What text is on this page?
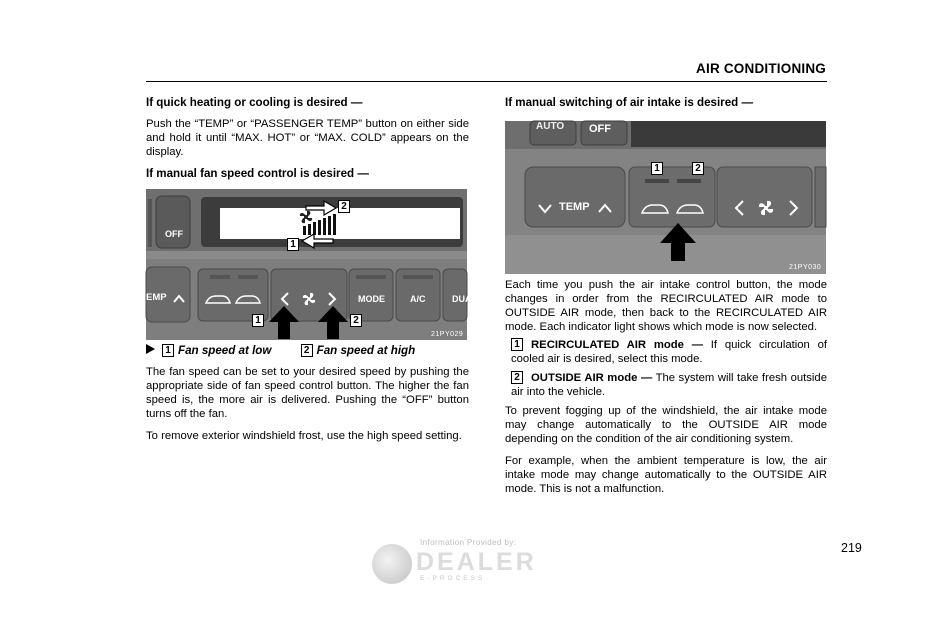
AIR CONDITIONING

If quick heating or cooling is desired —

Push the “TEMP” or “PASSENGER TEMP” button on either side and hold it until “MAX. HOT” or “MAX. COLD” appears on the display.

If manual fan speed control is desired —

OFF
EMP	MODE	A/C	DUA
2
1
1	2
21PY029
1 Fan speed at low	2 Fan speed at high

The fan speed can be set to your desired speed by pushing the appropriate side of fan speed control button. The higher the fan speed is, the more air is delivered. Pushing the “OFF” button turns off the fan.

To remove exterior windshield frost, use the high speed setting.

If manual switching of air intake is desired —

AUTO OFF
TEMP
1	2
21PY030

Each time you push the air intake control button, the mode changes in order from the RECIRCULATED AIR mode to OUTSIDE AIR mode, then back to the RECIRCULATED AIR mode. Each indicator light shows which mode is now selected.

1 RECIRCULATED AIR mode — If quick circulation of cooled air is desired, select this mode.
2 OUTSIDE AIR mode — The system will take fresh outside air into the vehicle.

To prevent fogging up of the windshield, the air intake mode may change automatically to the OUTSIDE AIR mode depending on the condition of the air conditioning system.

For example, when the ambient temperature is low, the air intake mode may change automatically to the OUTSIDE AIR mode. This is not a malfunction.

219
Information Provided by:
DEALER
E-PROCESS
